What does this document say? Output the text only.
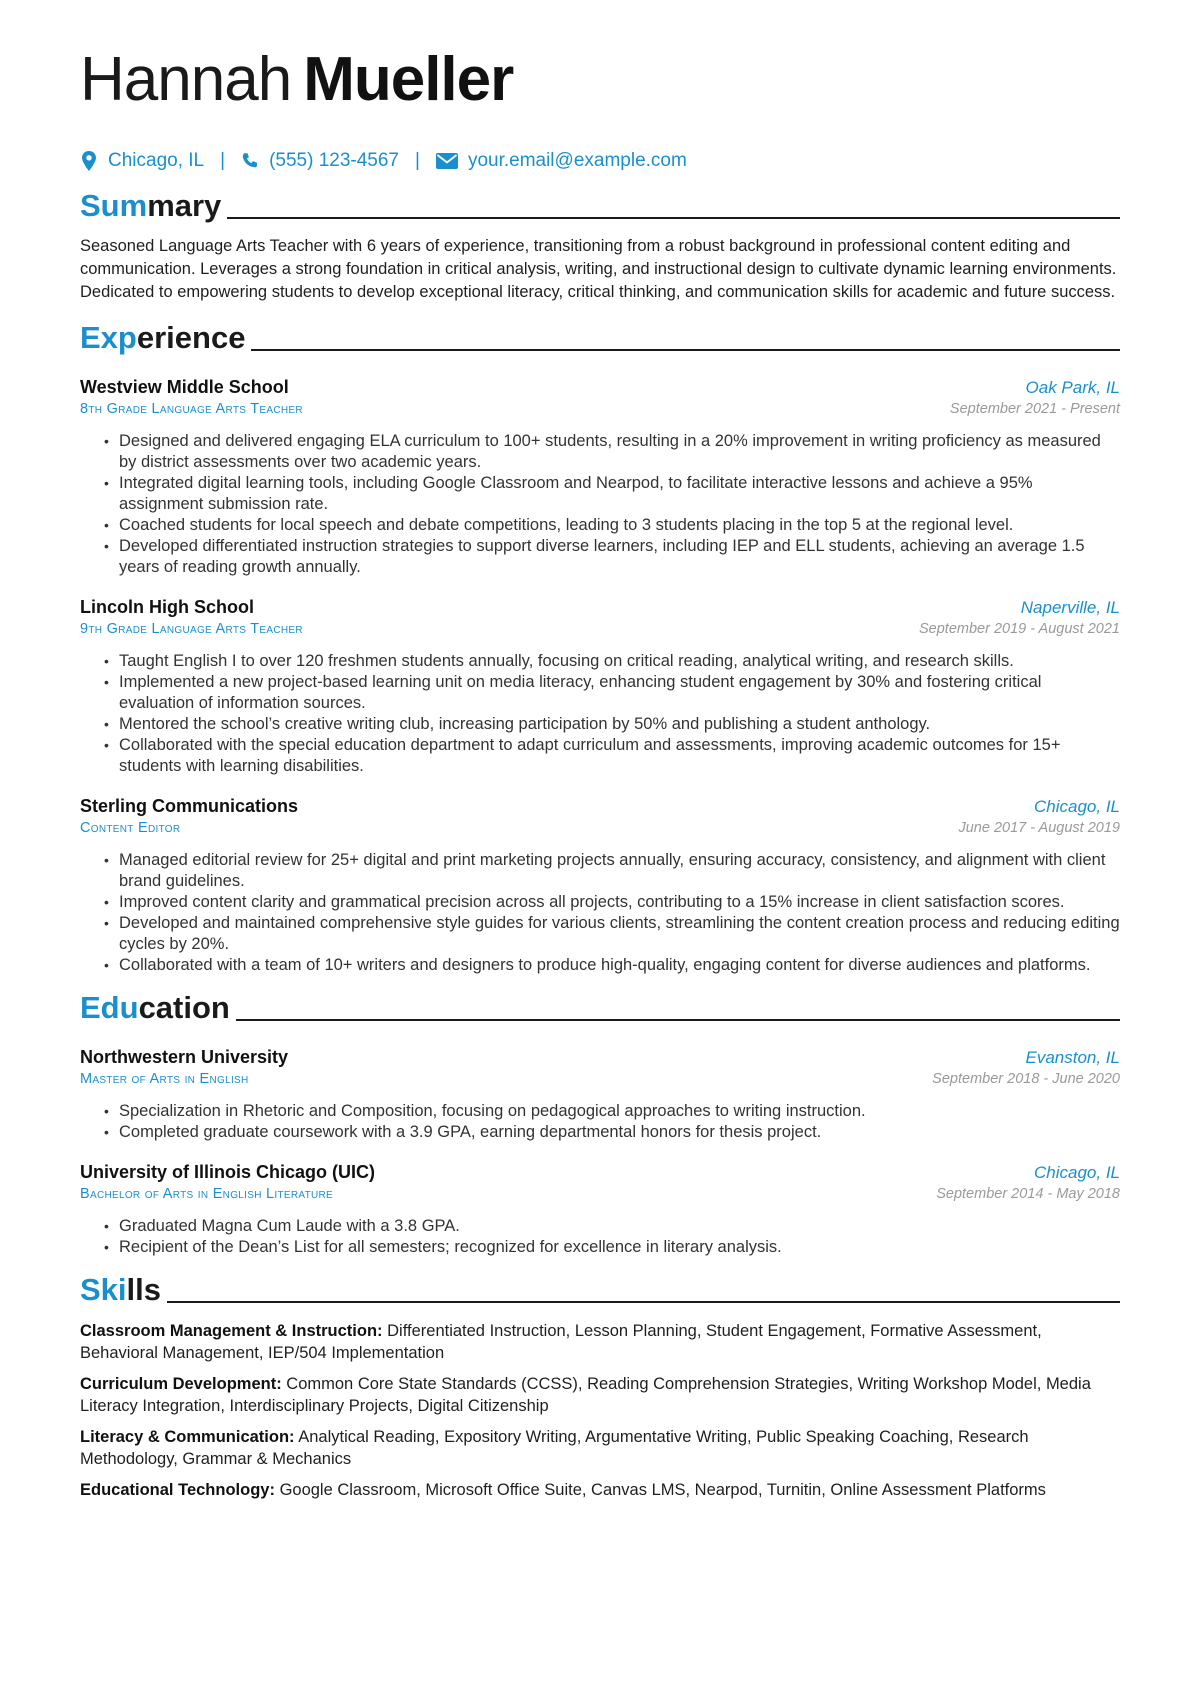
Hannah Mueller
Chicago, IL | (555) 123-4567 |	your.email@example.com
Summary
Seasoned Language Arts Teacher with 6 years of experience, transitioning from a robust background in professional content editing and communication. Leverages a strong foundation in critical analysis, writing, and instructional design to cultivate dynamic learning environments. Dedicated to empowering students to develop exceptional literacy, critical thinking, and communication skills for academic and future success.
Experience
Westview Middle School	Oak Park, IL
8th Grade Language Arts Teacher	September 2021 - Present
• Designed and delivered engaging ELA curriculum to 100+ students, resulting in a 20% improvement in writing proficiency as measured by district assessments over two academic years.
• Integrated digital learning tools, including Google Classroom and Nearpod, to facilitate interactive lessons and achieve a 95% assignment submission rate.
• Coached students for local speech and debate competitions, leading to 3 students placing in the top 5 at the regional level.
• Developed differentiated instruction strategies to support diverse learners, including IEP and ELL students, achieving an average 1.5 years of reading growth annually.
Lincoln High School	Naperville, IL
9th Grade Language Arts Teacher	September 2019 - August 2021
• Taught English I to over 120 freshmen students annually, focusing on critical reading, analytical writing, and research skills.
• Implemented a new project-based learning unit on media literacy, enhancing student engagement by 30% and fostering critical evaluation of information sources.
• Mentored the school’s creative writing club, increasing participation by 50% and publishing a student anthology.
• Collaborated with the special education department to adapt curriculum and assessments, improving academic outcomes for 15+ students with learning disabilities.
Sterling Communications	Chicago, IL
Content Editor	June 2017 - August 2019
• Managed editorial review for 25+ digital and print marketing projects annually, ensuring accuracy, consistency, and alignment with client brand guidelines.
• Improved content clarity and grammatical precision across all projects, contributing to a 15% increase in client satisfaction scores.
• Developed and maintained comprehensive style guides for various clients, streamlining the content creation process and reducing editing cycles by 20%.
• Collaborated with a team of 10+ writers and designers to produce high-quality, engaging content for diverse audiences and platforms.
Education
Northwestern University	Evanston, IL
Master of Arts in English	September 2018 - June 2020
• Specialization in Rhetoric and Composition, focusing on pedagogical approaches to writing instruction.
• Completed graduate coursework with a 3.9 GPA, earning departmental honors for thesis project.
University of Illinois Chicago (UIC)	Chicago, IL
Bachelor of Arts in English Literature	September 2014 - May 2018
• Graduated Magna Cum Laude with a 3.8 GPA.
• Recipient of the Dean’s List for all semesters; recognized for excellence in literary analysis.
Skills
Classroom Management & Instruction: Differentiated Instruction, Lesson Planning, Student Engagement, Formative Assessment, Behavioral Management, IEP/504 Implementation
Curriculum Development: Common Core State Standards (CCSS), Reading Comprehension Strategies, Writing Workshop Model, Media Literacy Integration, Interdisciplinary Projects, Digital Citizenship
Literacy & Communication: Analytical Reading, Expository Writing, Argumentative Writing, Public Speaking Coaching, Research Methodology, Grammar & Mechanics
Educational Technology: Google Classroom, Microsoft Office Suite, Canvas LMS, Nearpod, Turnitin, Online Assessment Platforms
